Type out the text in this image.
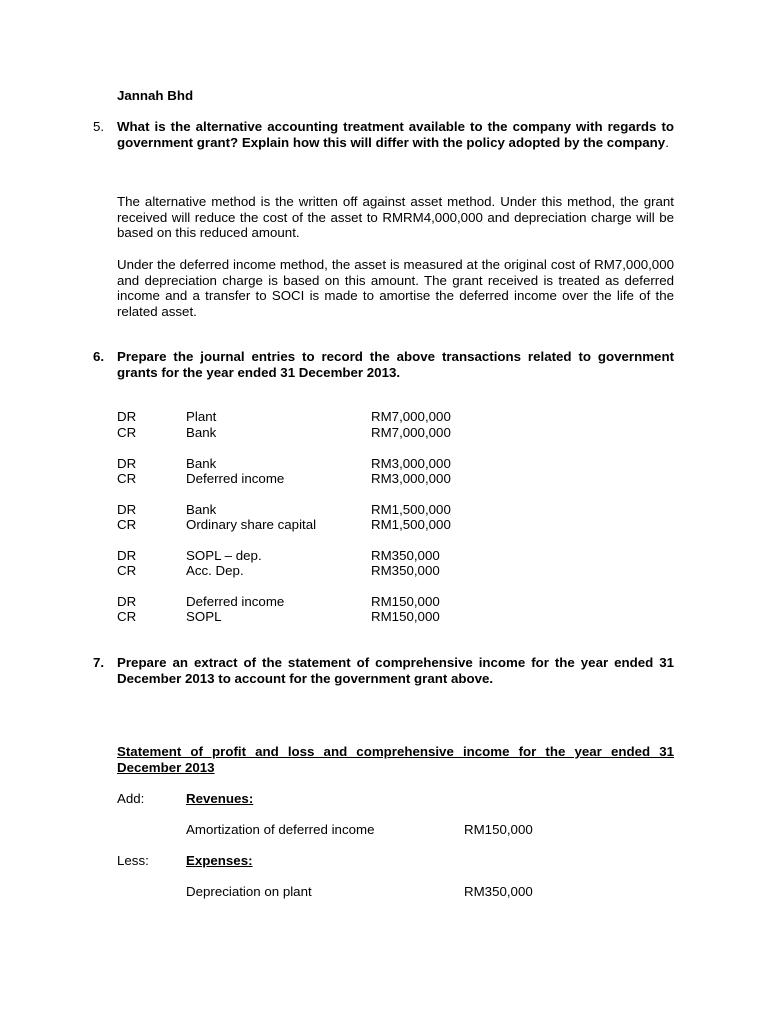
Jannah Bhd
5. What is the alternative accounting treatment available to the company with regards to government grant? Explain how this will differ with the policy adopted by the company.
The alternative method is the written off against asset method. Under this method, the grant received will reduce the cost of the asset to RMRM4,000,000 and depreciation charge will be based on this reduced amount.
Under the deferred income method, the asset is measured at the original cost of RM7,000,000 and depreciation charge is based on this amount. The grant received is treated as deferred income and a transfer to SOCI is made to amortise the deferred income over the life of the related asset.
6. Prepare the journal entries to record the above transactions related to government grants for the year ended 31 December 2013.
DR	Plant	RM7,000,000
CR	Bank	RM7,000,000
DR	Bank	RM3,000,000
CR	Deferred income	RM3,000,000
DR	Bank	RM1,500,000
CR	Ordinary share capital	RM1,500,000
DR	SOPL – dep.	RM350,000
CR	Acc. Dep.	RM350,000
DR	Deferred income	RM150,000
CR	SOPL	RM150,000
7. Prepare an extract of the statement of comprehensive income for the year ended 31 December 2013 to account for the government grant above.
Statement of profit and loss and comprehensive income for the year ended 31 December 2013
Add:	Revenues:
Amortization of deferred income	RM150,000
Less:	Expenses:
Depreciation on plant	RM350,000
